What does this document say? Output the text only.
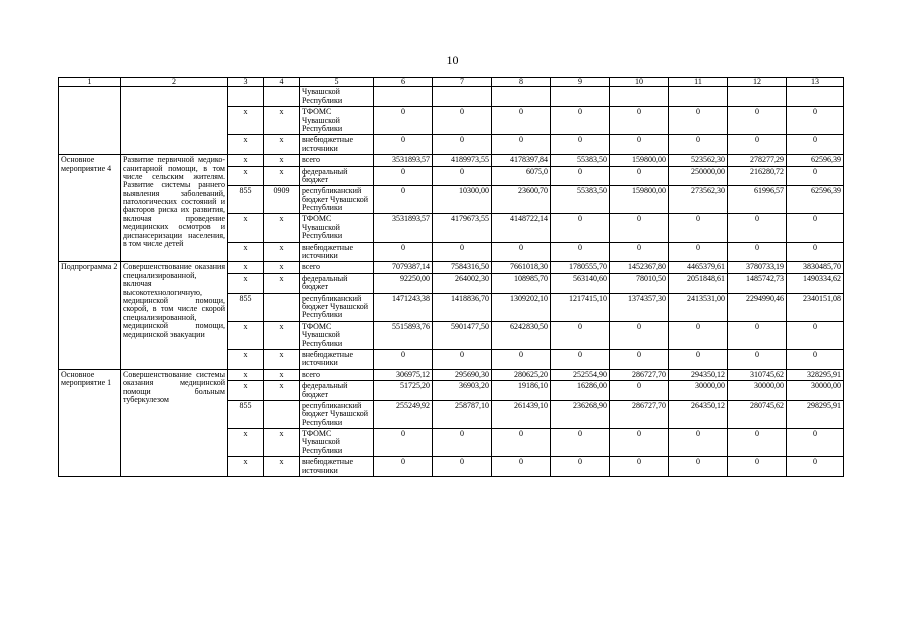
10
1	2	3	4	5	6	7	8	9	10	11	12	13
				Чувашской Республики								
		x	x	ТФОМС Чувашской Республики	0	0	0	0	0	0	0	0
		x	x	внебюджетные источники	0	0	0	0	0	0	0	0
Основное мероприятие 4	Развитие первичной медико-санитарной помощи, в том числе сельским жителям. Развитие системы раннего выявления заболеваний, патологических состояний и факторов риска их развития, включая проведение медицинских осмотров и диспансеризации населения, в том числе детей	x	x	всего	3531893,57	4189973,55	4178397,84	55383,50	159800,00	523562,30	278277,29	62596,39
		x	x	федеральный бюджет	0	0	6075,0	0	0	250000,00	216280,72	0
		855	0909	республиканский бюджет Чувашской Республики	0	10300,00	23600,70	55383,50	159800,00	273562,30	61996,57	62596,39
		x	x	ТФОМС Чувашской Республики	3531893,57	4179673,55	4148722,14	0	0	0	0	0
		x	x	внебюджетные источники	0	0	0	0	0	0	0	0
Подпрограмма 2	Совершенствование оказания специализированной, включая высокотехнологичную, медицинской помощи, скорой, в том числе скорой специализированной, медицинской помощи, медицинской эвакуации	x	x	всего	7079387,14	7584316,50	7661018,30	1780555,70	1452367,80	4465379,61	3780733,19	3830485,70
		x	x	федеральный бюджет	92250,00	264002,30	108985,70	563140,60	78010,50	2051848,61	1485742,73	1490334,62
		855		республиканский бюджет Чувашской Республики	1471243,38	1418836,70	1309202,10	1217415,10	1374357,30	2413531,00	2294990,46	2340151,08
		x	x	ТФОМС Чувашской Республики	5515893,76	5901477,50	6242830,50	0	0	0	0	0
		x	x	внебюджетные источники	0	0	0	0	0	0	0	0
Основное мероприятие 1	Совершенствование системы оказания медицинской помощи больным туберкулезом	x	x	всего	306975,12	295690,30	280625,20	252554,90	286727,70	294350,12	310745,62	328295,91
		x	x	федеральный бюджет	51725,20	36903,20	19186,10	16286,00	0	30000,00	30000,00	30000,00
		855		республиканский бюджет Чувашской Республики	255249,92	258787,10	261439,10	236268,90	286727,70	264350,12	280745,62	298295,91
		x	x	ТФОМС Чувашской Республики	0	0	0	0	0	0	0	0
		x	x	внебюджетные источники	0	0	0	0	0	0	0	0
